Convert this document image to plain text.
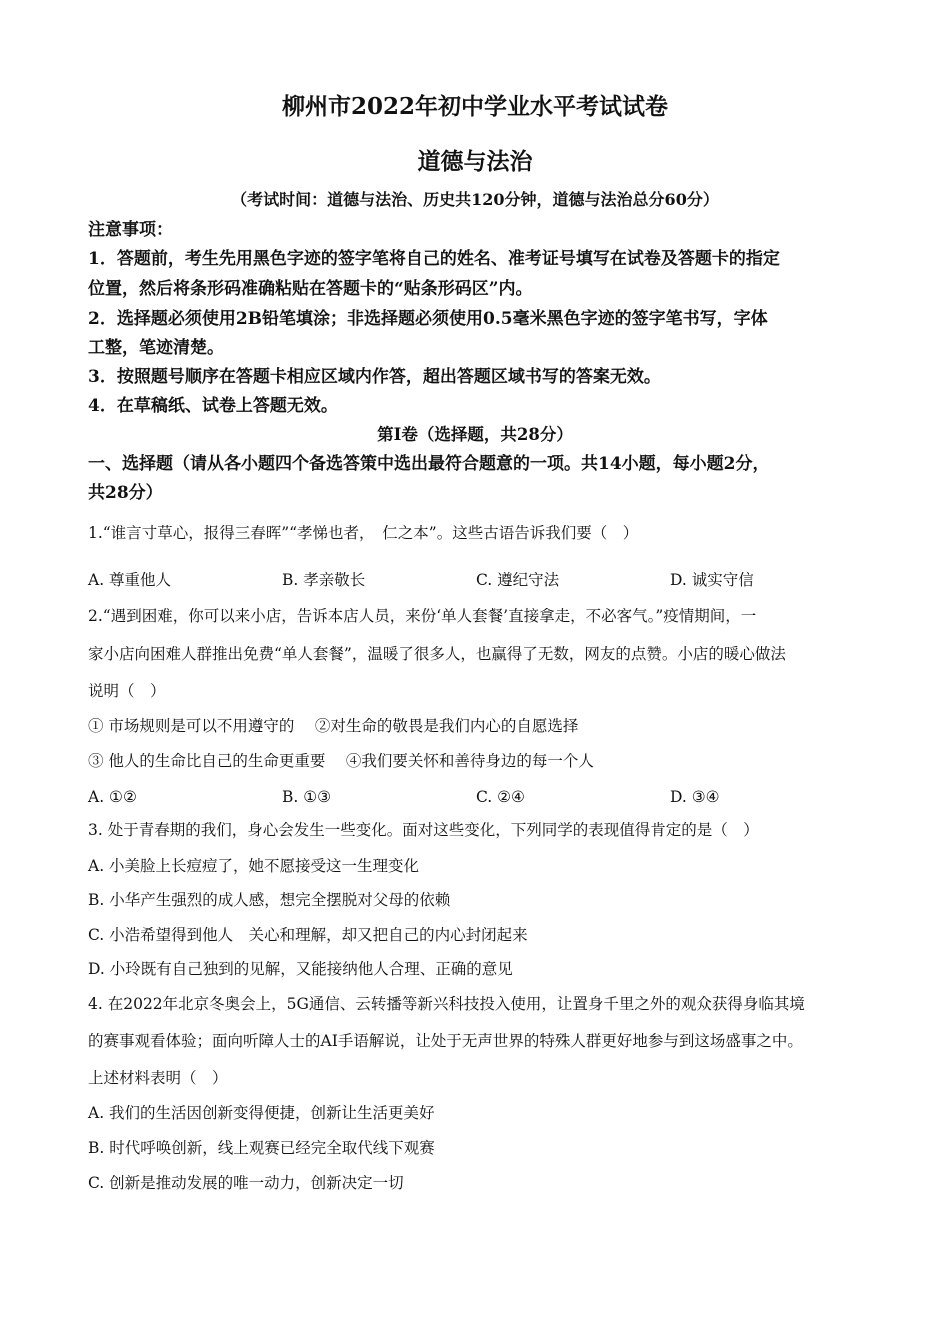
柳州市2022年初中学业水平考试试卷
道德与法治
（考试时间：道德与法治、历史共120分钟，道德与法治总分60分）
注意事项：
1．答题前，考生先用黑色字迹的签字笔将自己的姓名、准考证号填写在试卷及答题卡的指定
位置，然后将条形码准确粘贴在答题卡的“贴条形码区”内。
2．选择题必须使用2B铅笔填涂；非选择题必须使用0.5毫米黑色字迹的签字笔书写，字体
工整，笔迹清楚。
3．按照题号顺序在答题卡相应区域内作答，超出答题区域书写的答案无效。
4．在草稿纸、试卷上答题无效。
第Ⅰ卷（选择题，共28分）
一、选择题（请从各小题四个备选答策中选出最符合题意的一项。共14小题，每小题2分，
共28分）
1.“谁言寸草心，报得三春晖”“孝悌也者，　仁之本”。这些古语告诉我们要（　）
A. 尊重他人	B. 孝亲敬长	C. 遵纪守法	D. 诚实守信
2.“遇到困难，你可以来小店，告诉本店人员，来份‘单人套餐’直接拿走，不必客气。”疫情期间，一
家小店向困难人群推出免费“单人套餐”，温暖了很多人，也赢得了无数，网友的点赞。小店的暖心做法
说明（　）
① 市场规则是可以不用遵守的　 ②对生命的敬畏是我们内心的自愿选择
③ 他人的生命比自己的生命更重要　 ④我们要关怀和善待身边的每一个人
A. ①②	B. ①③	C. ②④	D. ③④
3. 处于青春期的我们，身心会发生一些变化。面对这些变化，下列同学的表现值得肯定的是（　）
A. 小美脸上长痘痘了，她不愿接受这一生理变化
B. 小华产生强烈的成人感，想完全摆脱对父母的依赖
C. 小浩希望得到他人　关心和理解，却又把自己的内心封闭起来
D. 小玲既有自己独到的见解，又能接纳他人合理、正确的意见
4. 在2022年北京冬奥会上，5G通信、云转播等新兴科技投入使用，让置身千里之外的观众获得身临其境
的赛事观看体验；面向听障人士的AI手语解说，让处于无声世界的特殊人群更好地参与到这场盛事之中。
上述材料表明（　）
A. 我们的生活因创新变得便捷，创新让生活更美好
B. 时代呼唤创新，线上观赛已经完全取代线下观赛
C. 创新是推动发展的唯一动力，创新决定一切
